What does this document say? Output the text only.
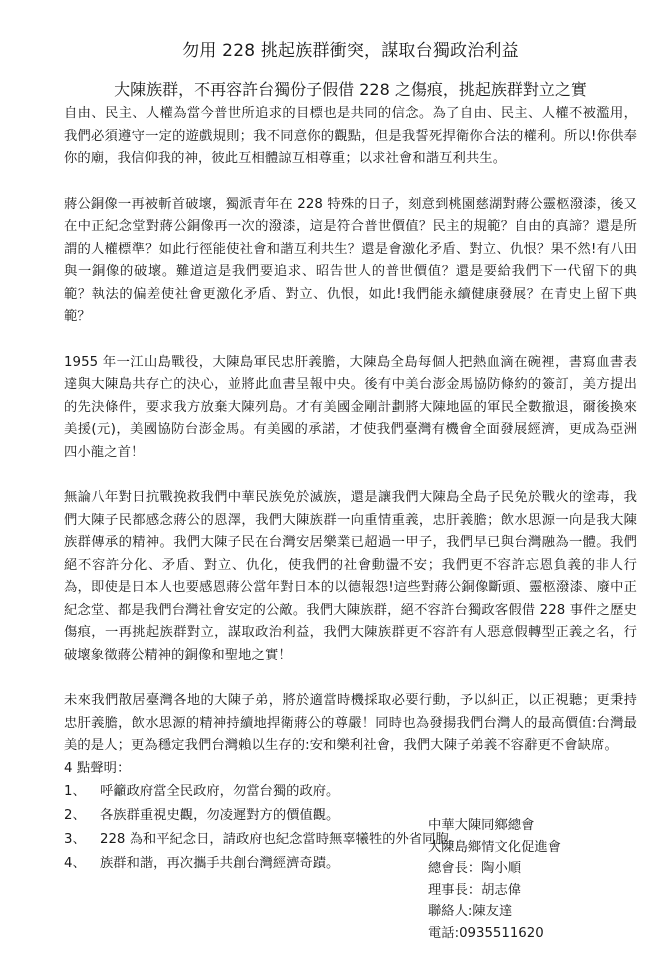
勿用 228 挑起族群衝突，謀取台獨政治利益
大陳族群，不再容許台獨份子假借 228 之傷痕，挑起族群對立之實

自由、民主、人權為當今普世所追求的目標也是共同的信念。為了自由、民主、人權不被濫用，我們必須遵守一定的遊戲規則；我不同意你的觀點，但是我誓死捍衛你合法的權利。所以!你供奉你的廟，我信仰我的神，彼此互相體諒互相尊重；以求社會和諧互利共生。

蔣公銅像一再被斬首破壞，獨派青年在 228 特殊的日子，刻意到桃園慈湖對蔣公靈柩潑漆，後又在中正紀念堂對蔣公銅像再一次的潑漆，這是符合普世價值？民主的規範？自由的真諦？還是所謂的人權標準？如此行徑能使社會和諧互利共生？還是會激化矛盾、對立、仇恨？果不然!有八田與一銅像的破壞。難道這是我們要追求、昭告世人的普世價值？還是要給我們下一代留下的典範？執法的偏差使社會更激化矛盾、對立、仇恨，如此!我們能永續健康發展？在青史上留下典範？

1955 年一江山島戰役，大陳島軍民忠肝義膽，大陳島全島每個人把熱血滴在碗裡，書寫血書表達與大陳島共存亡的決心，並將此血書呈報中央。後有中美台澎金馬協防條約的簽訂，美方提出的先決條件，要求我方放棄大陳列島。才有美國金剛計劃將大陳地區的軍民全數撤退，爾後換來美援(元)，美國協防台澎金馬。有美國的承諾，才使我們臺灣有機會全面發展經濟，更成為亞洲四小龍之首！

無論八年對日抗戰挽救我們中華民族免於滅族，還是讓我們大陳島全島子民免於戰火的塗毒，我們大陳子民都感念蔣公的恩澤，我們大陳族群一向重情重義，忠肝義膽；飲水思源一向是我大陳族群傳承的精神。我們大陳子民在台灣安居樂業已超過一甲子，我們早已與台灣融為一體。我們絕不容許分化、矛盾、對立、仇化，使我們的社會動盪不安；我們更不容許忘恩負義的非人行為，即使是日本人也要感恩蔣公當年對日本的以德報怨!這些對蔣公銅像斷頭、靈柩潑漆、廢中正紀念堂、都是我們台灣社會安定的公敵。我們大陳族群，絕不容許台獨政客假借 228 事件之歷史傷痕，一再挑起族群對立，謀取政治利益，我們大陳族群更不容許有人惡意假轉型正義之名，行破壞象徵蔣公精神的銅像和聖地之實！

未來我們散居臺灣各地的大陳子弟，將於適當時機採取必要行動，予以糾正，以正視聽；更秉持忠肝義膽，飲水思源的精神持續地捍衛蔣公的尊嚴！同時也為發揚我們台灣人的最高價值:台灣最美的是人；更為穩定我們台灣賴以生存的:安和樂利社會，我們大陳子弟義不容辭更不會缺席。

4 點聲明：
1、	呼籲政府當全民政府，勿當台獨的政府。
2、	各族群重視史觀，勿凌遲對方的價值觀。
3、	228 為和平紀念日，請政府也紀念當時無辜犧牲的外省同胞。
4、	族群和諧，再次攜手共創台灣經濟奇蹟。
中華大陳同鄉總會
大陳島鄉情文化促進會
總會長：陶小順
理事長：胡志偉
聯絡人:陳友達
電話:0935511620
